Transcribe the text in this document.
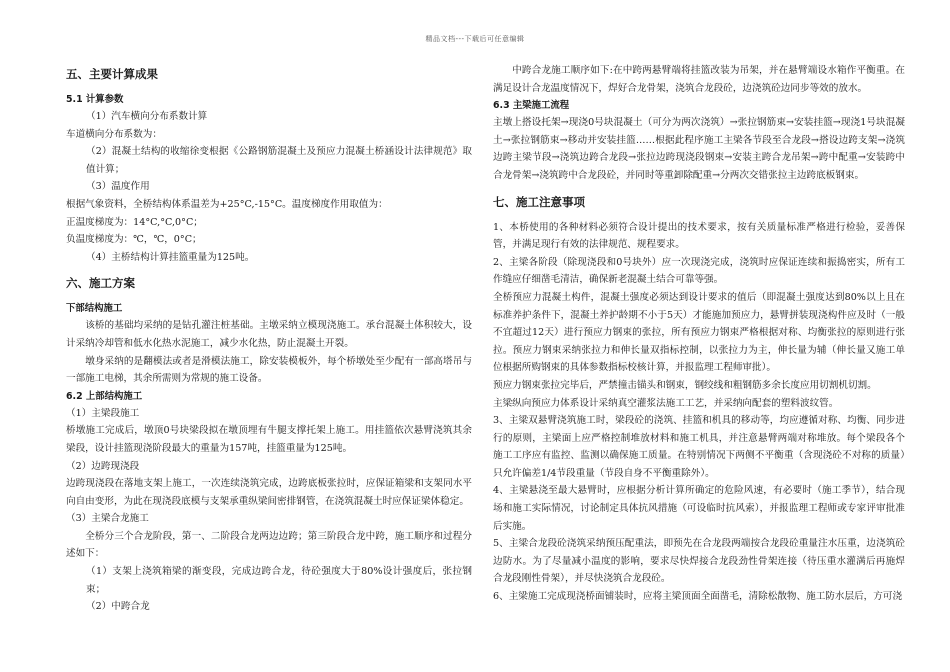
精品文档---下载后可任意编辑
五、主要计算成果
5.1 计算参数

（1）汽车横向分布系数计算

车道横向分布系数为：

（2）混凝土结构的收缩徐变根据《公路钢筋混凝土及预应力混凝土桥涵设计法律规范》取值计算；

（3）温度作用

根据气象资料，全桥结构体系温差为+25°C,-15°C。温度梯度作用取值为：

正温度梯度为：14°C,°C,0°C；

负温度梯度为：℃，℃，0°C；

（4）主桥结构计算挂篮重量为125吨。

六、施工方案
下部结构施工

该桥的基础均采纳的是钻孔灌注桩基础。主墩采纳立模现浇施工。承台混凝土体积较大，设计采纳冷却管和低水化热水泥施工，减少水化热，防止混凝土开裂。

墩身采纳的是翻模法或者是滑模法施工，除安装模板外，每个桥墩处至少配有一部高塔吊与一部施工电梯，其余所需则为常规的施工设备。

6.2 上部结构施工

（1）主梁段施工

桥墩施工完成后，墩顶0号块梁段拟在墩顶埋有牛腿支撑托架上施工。用挂篮依次悬臂浇筑其余梁段，设计挂篮现浇阶段最大的重量为157吨，挂篮重量为125吨。

（2）边跨现浇段

边跨现浇段在落地支架上施工，一次连续浇筑完成，边跨底板张拉时，应保证箱梁和支架同水平向自由变形，为此在现浇段底模与支架承重纵梁间密排钢管，在浇筑混凝土时应保证梁体稳定。

（3）主梁合龙施工

全桥分三个合龙阶段，第一、二阶段合龙两边边跨；第三阶段合龙中跨，施工顺序和过程分述如下：

（1）支架上浇筑箱梁的渐变段，完成边跨合龙，待砼强度大于80%设计强度后，张拉钢束；

（2）中跨合龙

中跨合龙施工顺序如下:在中跨两悬臂端将挂篮改装为吊架，并在悬臂端设水箱作平衡重。在满足设计合龙温度情况下，焊好合龙骨架，浇筑合龙段砼，边浇筑砼边同步等效的放水。

6.3 主梁施工流程

主墩上搭设托架→现浇0号块混凝土（可分为两次浇筑）→张拉钢筋束→安装挂篮→现浇1号块混凝土→张拉钢筋束→移动并安装挂篮……根据此程序施工主梁各节段至合龙段→搭设边跨支架→浇筑边跨主梁节段→浇筑边跨合龙段→张拉边跨现浇段钢束→安装主跨合龙吊架→跨中配重→安装跨中合龙骨架→浇筑跨中合龙段砼，并同时等重卸除配重→分两次交错张拉主边跨底板钢束。

七、施工注意事项

1、本桥使用的各种材料必须符合设计提出的技术要求，按有关质量标准严格进行检验，妥善保管，并满足现行有效的法律规范、规程要求。

2、主梁各阶段（除现浇段和0号块外）应一次现浇完成，浇筑时应保证连续和振捣密实，所有工作缝应仔细凿毛清洁，确保新老混凝土结合可靠等强。

全桥预应力混凝土构件，混凝土强度必须达到设计要求的值后（即混凝土强度达到80%以上且在标准养护条件下，混凝土养护龄期不小于5天）才能施加预应力，悬臂拼装现浇构件应及时（一般不宜超过12天）进行预应力钢束的张拉，所有预应力钢束严格根据对称、均衡张拉的原则进行张拉。预应力钢束采纳张拉力和伸长量双指标控制，以张拉力为主，伸长量为辅（伸长量又施工单位根据所购钢束的具体参数指标校核计算，并报监理工程师审批）。

预应力钢束张拉完毕后，严禁撞击锚头和钢束，钢绞线和粗钢筋多余长度应用切割机切割。

主梁纵向预应力体系设计采纳真空灌浆法施工工艺，并采纳向配套的塑料波纹管。

3、主梁双悬臂浇筑施工时，梁段砼的浇筑、挂篮和机具的移动等，均应遵循对称、均衡、同步进行的原则，主梁面上应严格控制堆放材料和施工机具，并注意悬臂两端对称堆放。每个梁段各个施工工序应有监控、监测以确保施工质量。在特别情况下两侧不平衡重（含现浇砼不对称的质量）只允许偏差1/4节段重量（节段自身不平衡重除外）。

4、主梁悬浇至最大悬臂时，应根据分析计算所确定的危险风速，有必要时（施工季节），结合现场和施工实际情况，讨论制定具体抗风措施（可设临时抗风索），并报监理工程师或专家评审批准后实施。

5、主梁合龙段砼浇筑采纳预压配重法，即预先在合龙段两端按合龙段砼重量注水压重，边浇筑砼边防水。为了尽量减小温度的影响，要求尽快焊接合龙段劲性骨架连接（待压重水灌满后再施焊合龙段刚性骨架），并尽快浇筑合龙段砼。

6、主梁施工完成现浇桥面铺装时，应将主梁顶面全面凿毛，清除松散物、施工防水层后，方可浇
